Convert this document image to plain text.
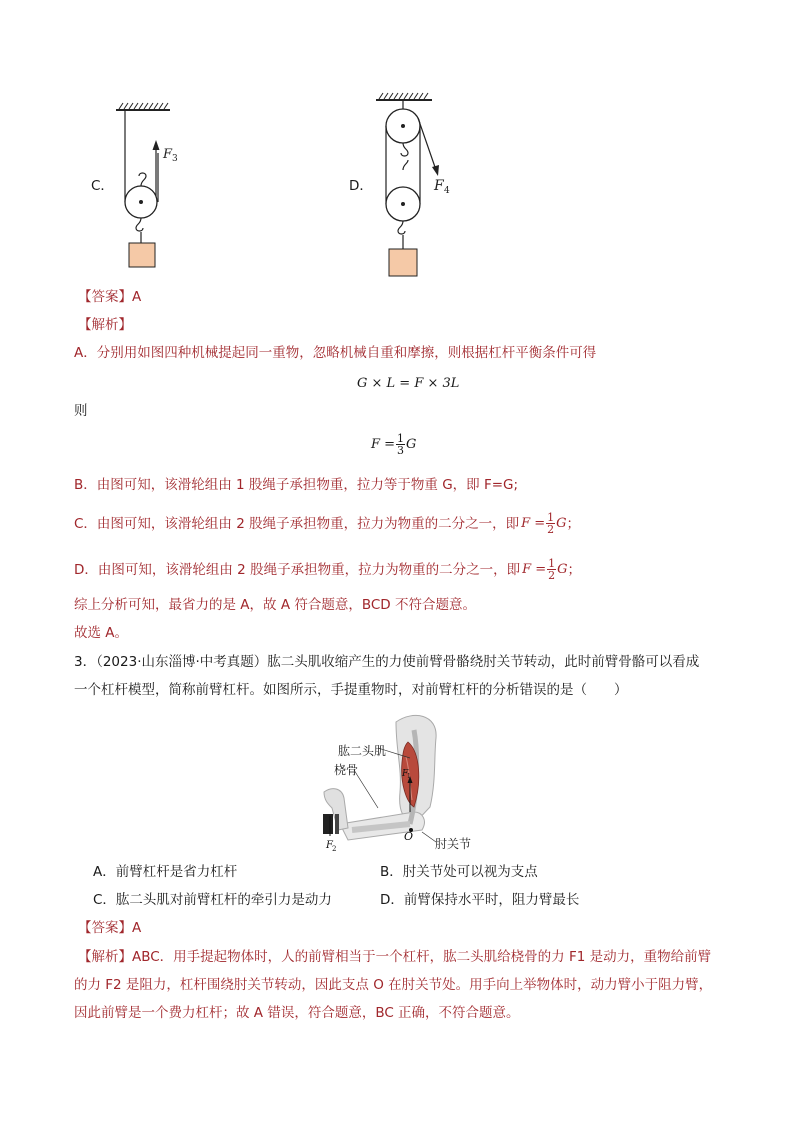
C．
F 3
D．	F 4
【答案】A
【解析】
A．分别用如图四种机械提起同一重物，忽略机械自重和摩擦，则根据杠杆平衡条件可得
G × L = F × 3L
则
$F = \frac{1}{3}$ G
B．由图可知，该滑轮组由 1 股绳子承担物重，拉力等于物重 G，即 F=G;
C．由图可知，该滑轮组由 2 股绳子承担物重，拉力为物重的二分之一，即 $F = \frac{1}{2}$ G ；
D．由图可知，该滑轮组由 2 股绳子承担物重，拉力为物重的二分之一，即 $F = \frac{1}{2}$ G ；
综上分析可知，最省力的是 A，故 A 符合题意，BCD 不符合题意。
故选 A。
3．（2023·山东淄博·中考真题）肱二头肌收缩产生的力使前臂骨骼绕肘关节转动，此时前臂骨骼可以看成
一个杠杆模型，简称前臂杠杆。如图所示，手提重物时，对前臂杠杆的分析错误的是（　　）
肱二头肌
桡骨
肘关节
F
1
F 2
O
A．前臂杠杆是省力杠杆	B．肘关节处可以视为支点
C．肱二头肌对前臂杠杆的牵引力是动力	D．前臂保持水平时，阻力臂最长
【答案】A
【解析】ABC．用手提起物体时，人的前臂相当于一个杠杆，肱二头肌给桡骨的力 F1 是动力，重物给前臂
的力 F2 是阻力，杠杆围绕肘关节转动，因此支点 O 在肘关节处。用手向上举物体时，动力臂小于阻力臂，
因此前臂是一个费力杠杆；故 A 错误，符合题意，BC 正确，不符合题意。
